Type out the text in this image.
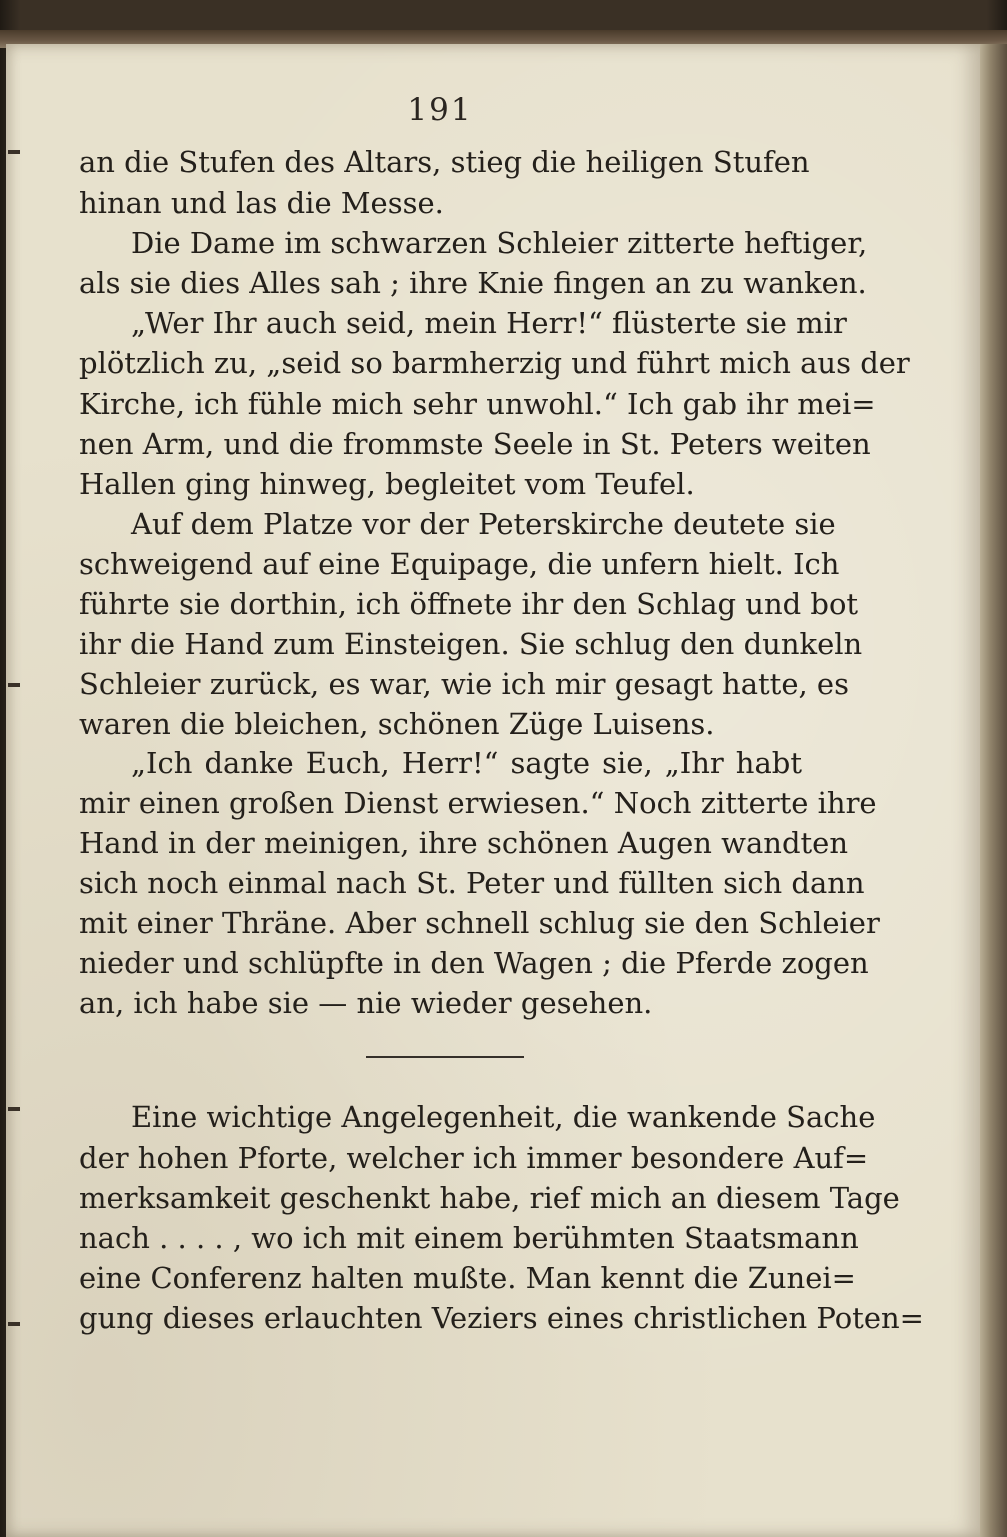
191
an die Stufen des Altars, stieg die heiligen Stufen
hinan und las die Messe.
Die Dame im schwarzen Schleier zitterte heftiger,
als sie dies Alles sah ; ihre Knie fingen an zu wanken.
„Wer Ihr auch seid, mein Herr!“ flüsterte sie mir
plötzlich zu, „seid so barmherzig und führt mich aus der
Kirche, ich fühle mich sehr unwohl.“ Ich gab ihr mei=
nen Arm, und die frommste Seele in St. Peters weiten
Hallen ging hinweg, begleitet vom Teufel.
Auf dem Platze vor der Peterskirche deutete sie
schweigend auf eine Equipage, die unfern hielt. Ich
führte sie dorthin, ich öffnete ihr den Schlag und bot
ihr die Hand zum Einsteigen. Sie schlug den dunkeln
Schleier zurück, es war, wie ich mir gesagt hatte, es
waren die bleichen, schönen Züge Luisens.
„Ich danke Euch, Herr!“ sagte sie, „Ihr habt
mir einen großen Dienst erwiesen.“ Noch zitterte ihre
Hand in der meinigen, ihre schönen Augen wandten
sich noch einmal nach St. Peter und füllten sich dann
mit einer Thräne. Aber schnell schlug sie den Schleier
nieder und schlüpfte in den Wagen ; die Pferde zogen
an, ich habe sie — nie wieder gesehen.
Eine wichtige Angelegenheit, die wankende Sache
der hohen Pforte, welcher ich immer besondere Auf=
merksamkeit geschenkt habe, rief mich an diesem Tage
nach . . . . , wo ich mit einem berühmten Staatsmann
eine Conferenz halten mußte. Man kennt die Zunei=
gung dieses erlauchten Veziers eines christlichen Poten=
